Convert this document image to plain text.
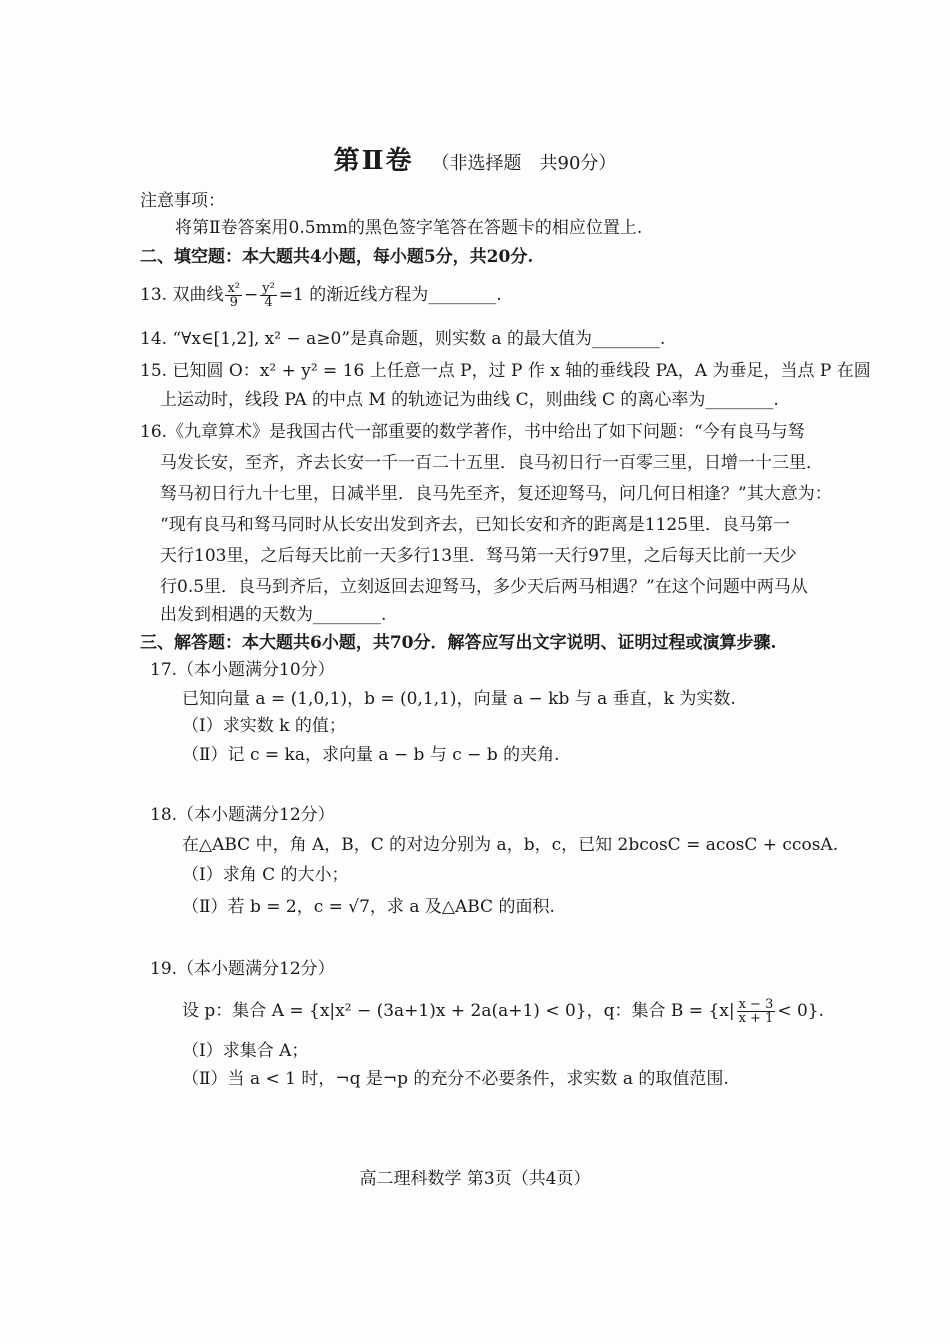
第Ⅱ卷 （非选择题　共90分）
注意事项：
将第Ⅱ卷答案用0.5mm的黑色签字笔答在答题卡的相应位置上.
二、填空题：本大题共4小题，每小题5分，共20分.
13. 双曲线 $\frac{\text{x²}}{9} - \frac{\text{y²}}{4} =1$ 的渐近线方程为________.
14. “∀x∈[1,2], x² − a≥0”是真命题，则实数 a 的最大值为________.
15. 已知圆 O：x² + y² = 16 上任意一点 P，过 P 作 x 轴的垂线段 PA，A 为垂足，当点 P 在圆
上运动时，线段 PA 的中点 M 的轨迹记为曲线 C，则曲线 C 的离心率为________.
16.《九章算术》是我国古代一部重要的数学著作，书中给出了如下问题：“今有良马与驽
马发长安，至齐，齐去长安一千一百二十五里．良马初日行一百零三里，日增一十三里．
驽马初日行九十七里，日减半里．良马先至齐，复还迎驽马，问几何日相逢？”其大意为：
“现有良马和驽马同时从长安出发到齐去，已知长安和齐的距离是1125里．良马第一
天行103里，之后每天比前一天多行13里．驽马第一天行97里，之后每天比前一天少
行0.5里．良马到齐后，立刻返回去迎驽马，多少天后两马相遇？”在这个问题中两马从
出发到相遇的天数为________.
三、解答题：本大题共6小题，共70分．解答应写出文字说明、证明过程或演算步骤.
17.（本小题满分10分）
已知向量 a = (1,0,1)，b = (0,1,1)，向量 a − kb 与 a 垂直，k 为实数.
（Ⅰ）求实数 k 的值；
（Ⅱ）记 c = ka，求向量 a − b 与 c − b 的夹角.
18.（本小题满分12分）
在△ABC 中，角 A，B，C 的对边分别为 a，b，c，已知 2bcosC = acosC + ccosA.
（Ⅰ）求角 C 的大小；
（Ⅱ）若 b = 2，c = √7，求 a 及△ABC 的面积.
19.（本小题满分12分）
设 p：集合 A = {x|x² − (3a+1)x + 2a(a+1) < 0}，q：集合 $B = \{x| \frac{x - 3}{x + 1} < 0\}$.
（Ⅰ）求集合 A；
（Ⅱ）当 a < 1 时，¬q 是¬p 的充分不必要条件，求实数 a 的取值范围.
高二理科数学 第3页（共4页）
